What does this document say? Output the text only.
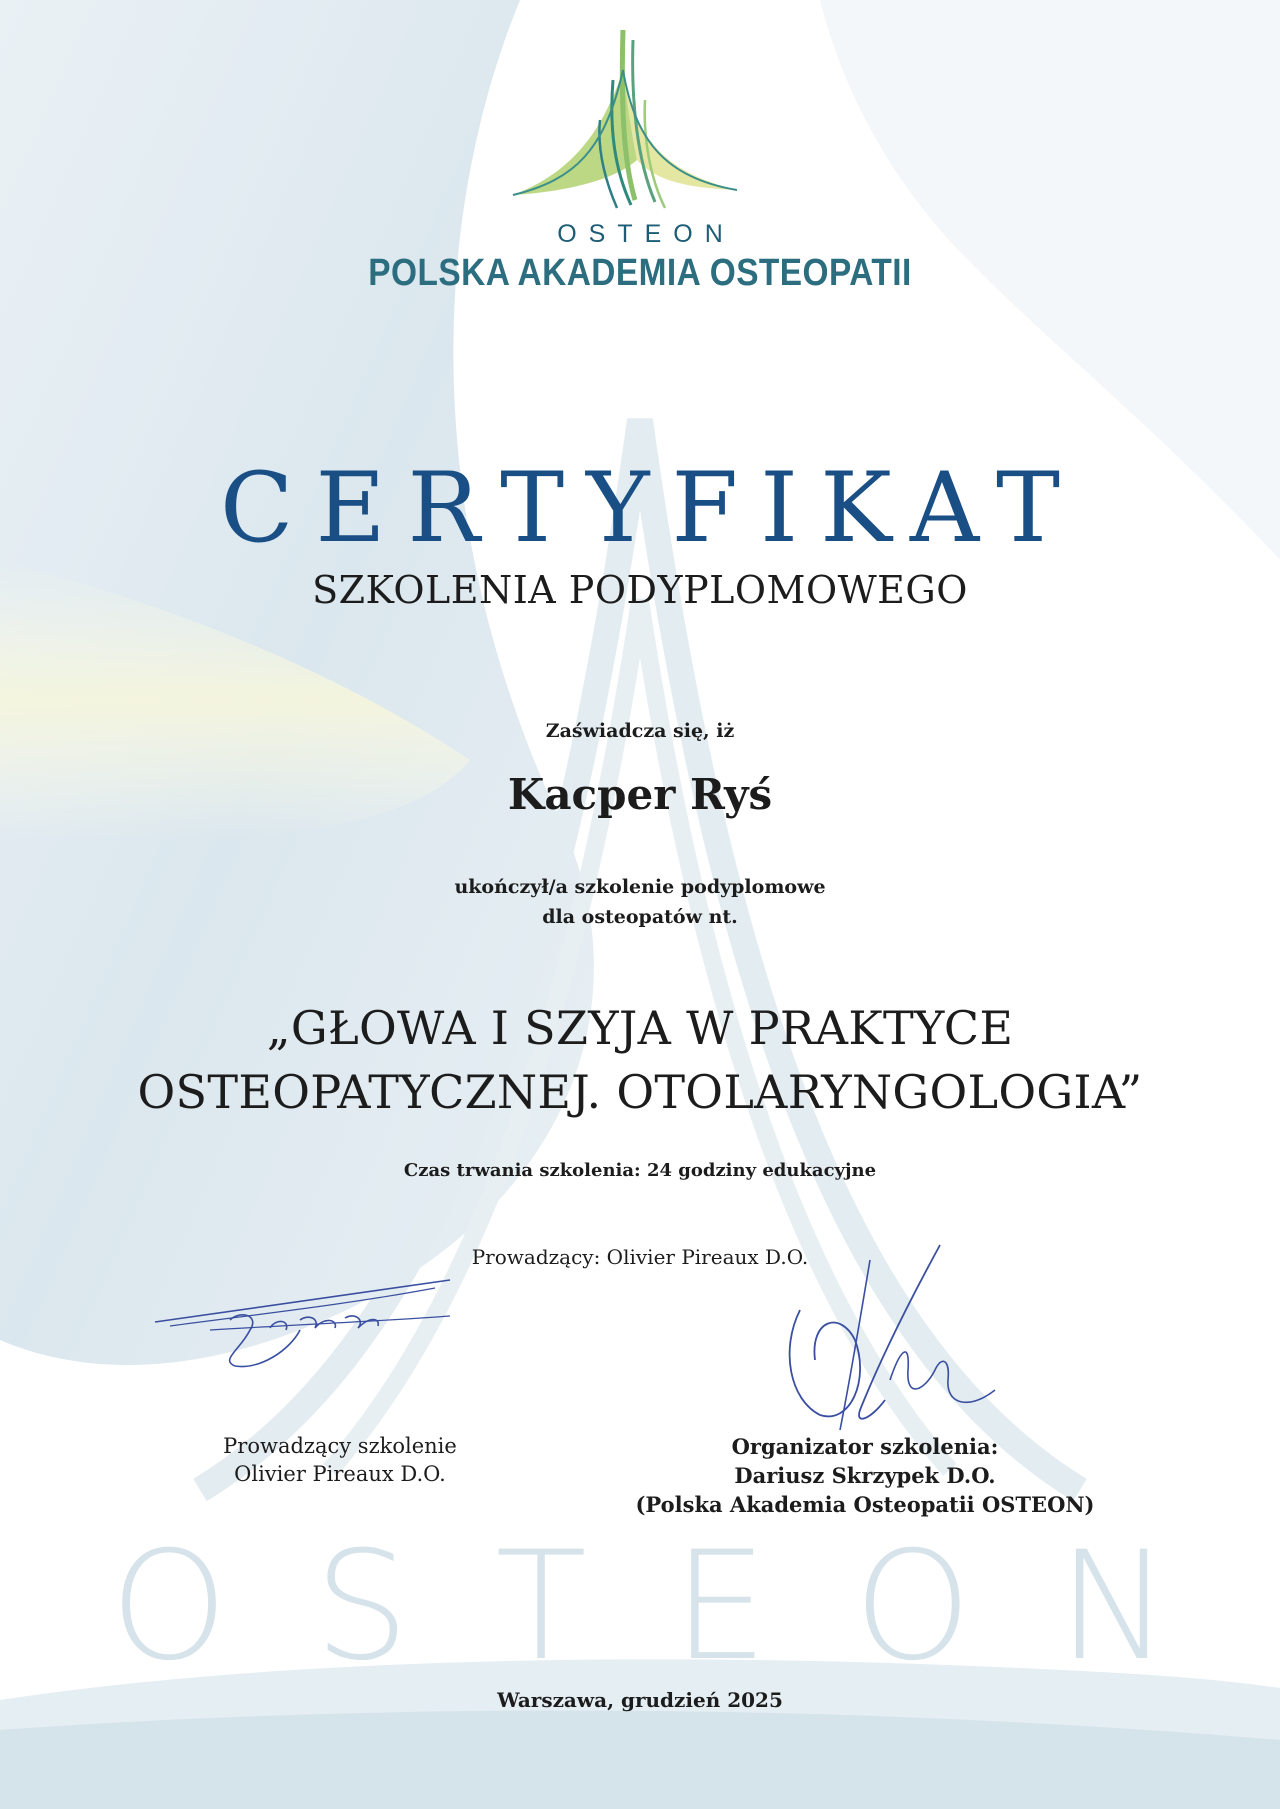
OSTEON
POLSKA AKADEMIA OSTEOPATII
CERTYFIKAT
SZKOLENIA PODYPLOMOWEGO
Zaświadcza się, iż
Kacper Ryś
ukończył/a szkolenie podyplomowe
dla osteopatów nt.
„GŁOWA I SZYJA W PRAKTYCE
OSTEOPATYCZNEJ. OTOLARYNGOLOGIA”
Czas trwania szkolenia: 24 godziny edukacyjne
Prowadzący: Olivier Pireaux D.O.
Prowadzący szkolenie
Olivier Pireaux D.O.
Organizator szkolenia:
Dariusz Skrzypek D.O.
(Polska Akademia Osteopatii OSTEON)
OSTEON
Warszawa, grudzień 2025
